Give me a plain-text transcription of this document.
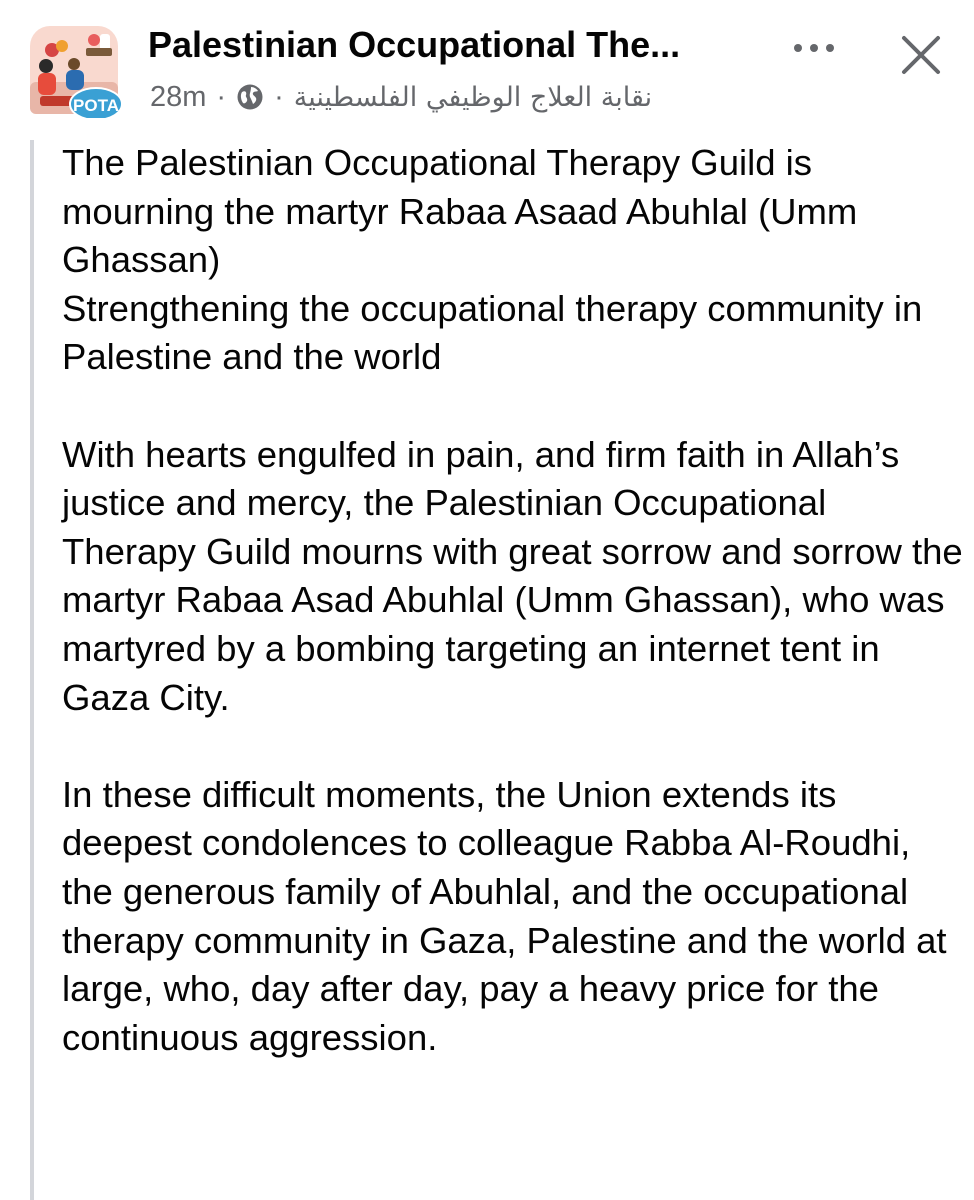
POTA
Palestinian Occupational The...
28m · · نقابة العلاج الوظيفي الفلسطينية

The Palestinian Occupational Therapy Guild is mourning the martyr Rabaa Asaad Abuhlal (Umm Ghassan)
Strengthening the occupational therapy community in Palestine and the world

With hearts engulfed in pain, and firm faith in Allah’s justice and mercy, the Palestinian Occupational Therapy Guild mourns with great sorrow and sorrow the martyr Rabaa Asad Abuhlal (Umm Ghassan), who was martyred by a bombing targeting an internet tent in Gaza City.

In these difficult moments, the Union extends its deepest condolences to colleague Rabba Al-Roudhi, the generous family of Abuhlal, and the occupational therapy community in Gaza, Palestine and the world at large, who, day after day, pay a heavy price for the continuous aggression.
